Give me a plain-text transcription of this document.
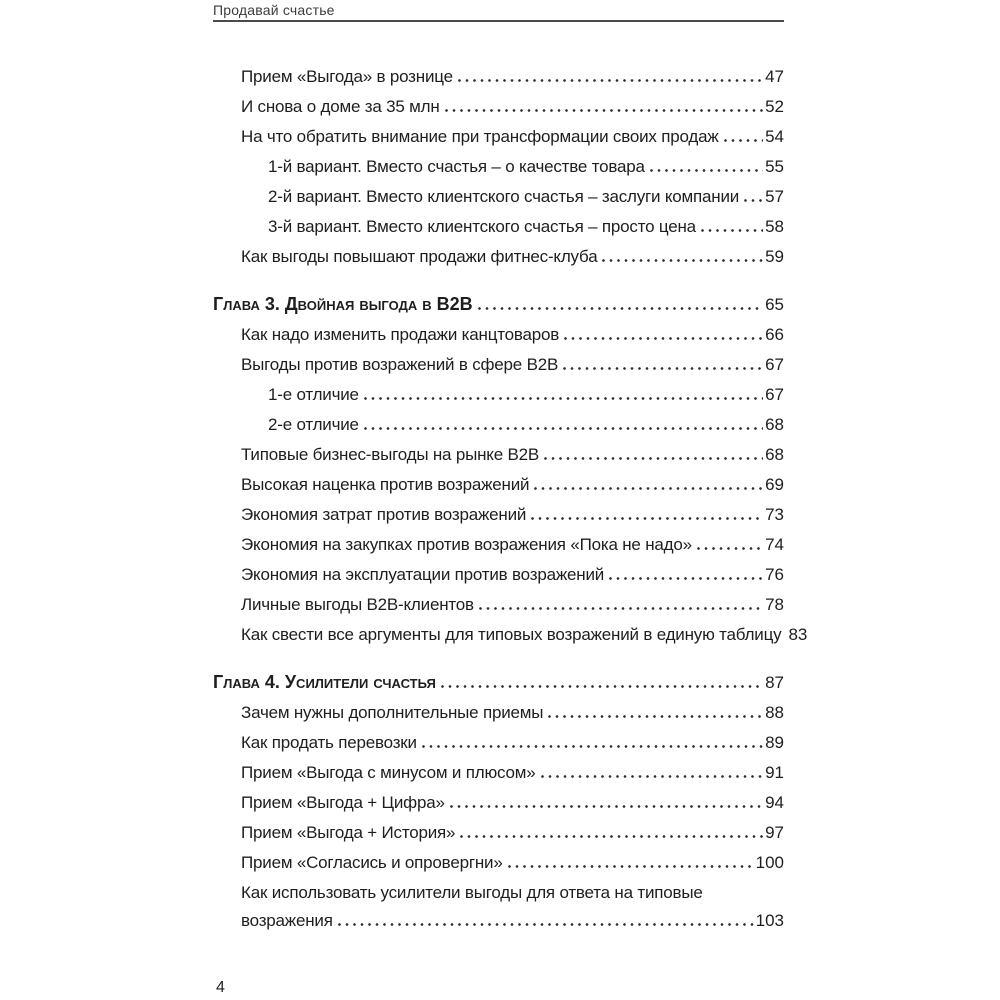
Продавай счастье
Прием «Выгода» в рознице	47
И снова о доме за 35 млн	52
На что обратить внимание при трансформации своих продаж	54
1-й вариант. Вместо счастья – о качестве товара	55
2-й вариант. Вместо клиентского счастья – заслуги компании 57
3-й вариант. Вместо клиентского счастья – просто цена	58
Как выгоды повышают продажи фитнес-клуба	59
Глава 3. Двойная выгода в B2B	65
Как надо изменить продажи канцтоваров	66
Выгоды против возражений в сфере B2B	67
1-е отличие	67
2-е отличие	68
Типовые бизнес-выгоды на рынке B2B	68
Высокая наценка против возражений	69
Экономия затрат против возражений	73
Экономия на закупках против возражения «Пока не надо»	74
Экономия на эксплуатации против возражений	76
Личные выгоды B2B-клиентов	78
Как свести все аргументы для типовых возражений в единую таблицу 83
Глава 4. Усилители счастья	87
Зачем нужны дополнительные приемы	88
Как продать перевозки	89
Прием «Выгода с минусом и плюсом»	91
Прием «Выгода + Цифра»	94
Прием «Выгода + История»	97
Прием «Согласись и опровергни»	100
Как использовать усилители выгоды для ответа на типовые
возражения	103
4
